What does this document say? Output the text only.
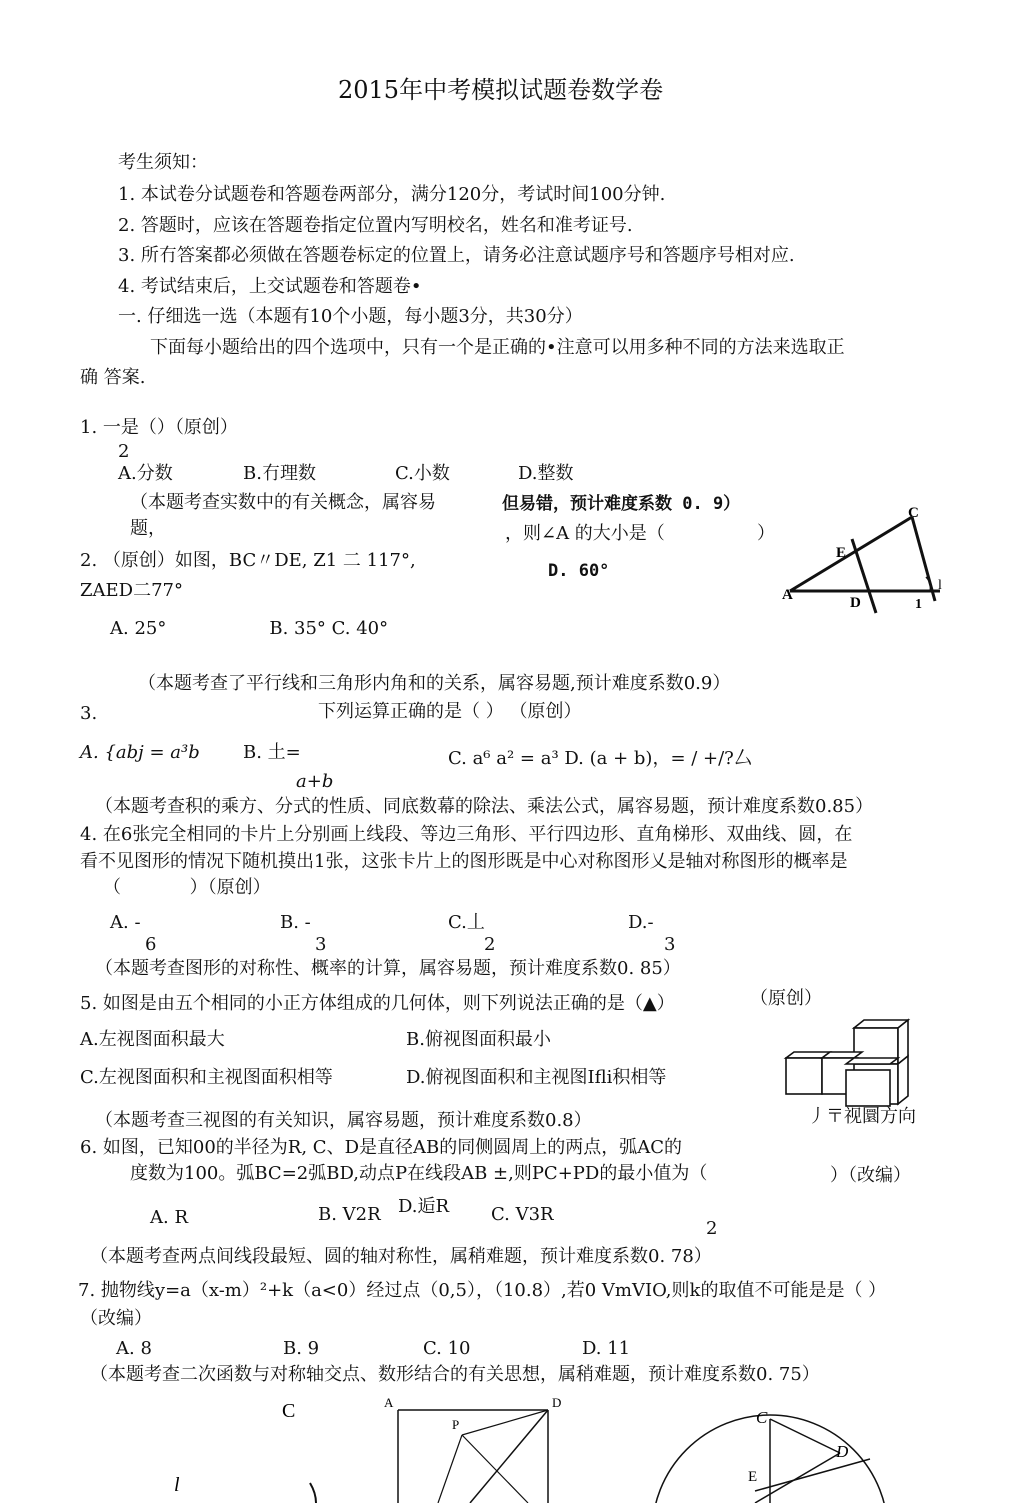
2015年中考模拟试题卷数学卷
考生须知：
1. 本试卷分试题卷和答题卷两部分，满分120分，考试时间100分钟.
2. 答题时，应该在答题卷指定位置内写明校名，姓名和准考证号.
3. 所冇答案都必须做在答题卷标定的位置上，请务必注意试题序号和答题序号相对应.
4. 考试结束后，上交试题卷和答题卷•
一. 仔细选一选（本题有10个小题，每小题3分，共30分）
下面每小题给出的四个选项中，只有一个是正确的•注意可以用多种不同的方法来选取正
确 答案.
1. 一是（）（原创）
2
A.分数	B.冇理数	C.小数	D.整数
（本题考查实数中的有关概念，属容易
题，
但易错，预计难度系数 0. 9）
2. （原创）如图，BC〃DE, Z1 二 117°,
ZAED二77°
，则∠A 的大小是（	）
D. 60°
A. 25°                  B. 35° C. 40°
（本题考查了平行线和三角形内角和的关系，属容易题,预计难度系数0.9）
C
E
A	D	1
l
3.	下列运算正确的是（ ） （原创）
A. {abj = a³b B. 土=
a+b
C. a⁶ a² = a³ D. (a + b)，= / +/?厶
（本题考查积的乘方、分式的性质、同底数幕的除法、乘法公式，属容易题，预计难度系数0.85）
4. 在6张完全相同的卡片上分别画上线段、等边三角形、平行四边形、直角梯形、双曲线、圆，在
看不见图形的情况下随机摸出1张，这张卡片上的图形既是中心对称图形乂是轴对称图形的概率是
（            ）（原创）
A. -	B. -	C.丄	D.-
6	3	2	3
（本题考查图形的对称性、概率的计算，属容易题，预计难度系数0. 85）
5. 如图是由五个相同的小正方体组成的几何体，则下列说法正确的是（▲）	（原创）
A.左视图面积最大	B.俯视图面积最小
C.左视图面积和主视图面积相等	D.俯视图面积和主视图Ifli积相等
（本题考查三视图的有关知识，属容易题，预计难度系数0.8）	丿〒视圜方向
6. 如图，已知00的半径为R, C、D是直径AB的同侧圆周上的两点，弧AC的
度数为100。弧BC=2弧BD,动点P在线段AB ±,则PC+PD的最小值为（	）（改编）
A. R	B. V2R D.逅R C. V3R
2
（本题考查两点间线段最短、圆的轴对称性，属稍难题，预计难度系数0. 78）
7. 抛物线y=a（x-m）²+k（a<0）经过点（0,5），（10.8）,若0 VmVIO,则k的取值不可能是是（ ）
（改编）
A. 8	B. 9	C. 10	D. 11
（本题考查二次函数与对称轴交点、数形结合的有关思想，属稍难题，预计难度系数0. 75）
C
l
A	D
P	C
D
E
